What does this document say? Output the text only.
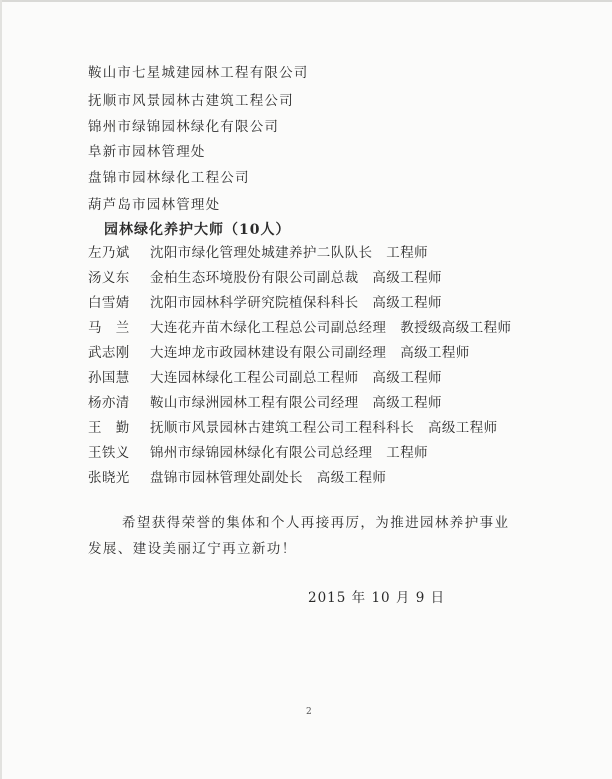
鞍山市七星城建园林工程有限公司
抚顺市风景园林古建筑工程公司
锦州市绿锦园林绿化有限公司
阜新市园林管理处
盘锦市园林绿化工程公司
葫芦岛市园林管理处
园林绿化养护大师（10人）
左乃斌 沈阳市绿化管理处城建养护二队队长　工程师
汤义东 金柏生态环境股份有限公司副总裁　高级工程师
白雪婧 沈阳市园林科学研究院植保科科长　高级工程师
马　兰 大连花卉苗木绿化工程总公司副总经理　教授级高级工程师
武志刚 大连坤龙市政园林建设有限公司副经理　高级工程师
孙国慧 大连园林绿化工程公司副总工程师　高级工程师
杨亦清 鞍山市绿洲园林工程有限公司经理　高级工程师
王　勤 抚顺市风景园林古建筑工程公司工程科科长　高级工程师
王铁义 锦州市绿锦园林绿化有限公司总经理　工程师
张晓光 盘锦市园林管理处副处长　高级工程师
希望获得荣誉的集体和个人再接再厉，为推进园林养护事业
发展、建设美丽辽宁再立新功！
2015 年 10 月 9 日
2
